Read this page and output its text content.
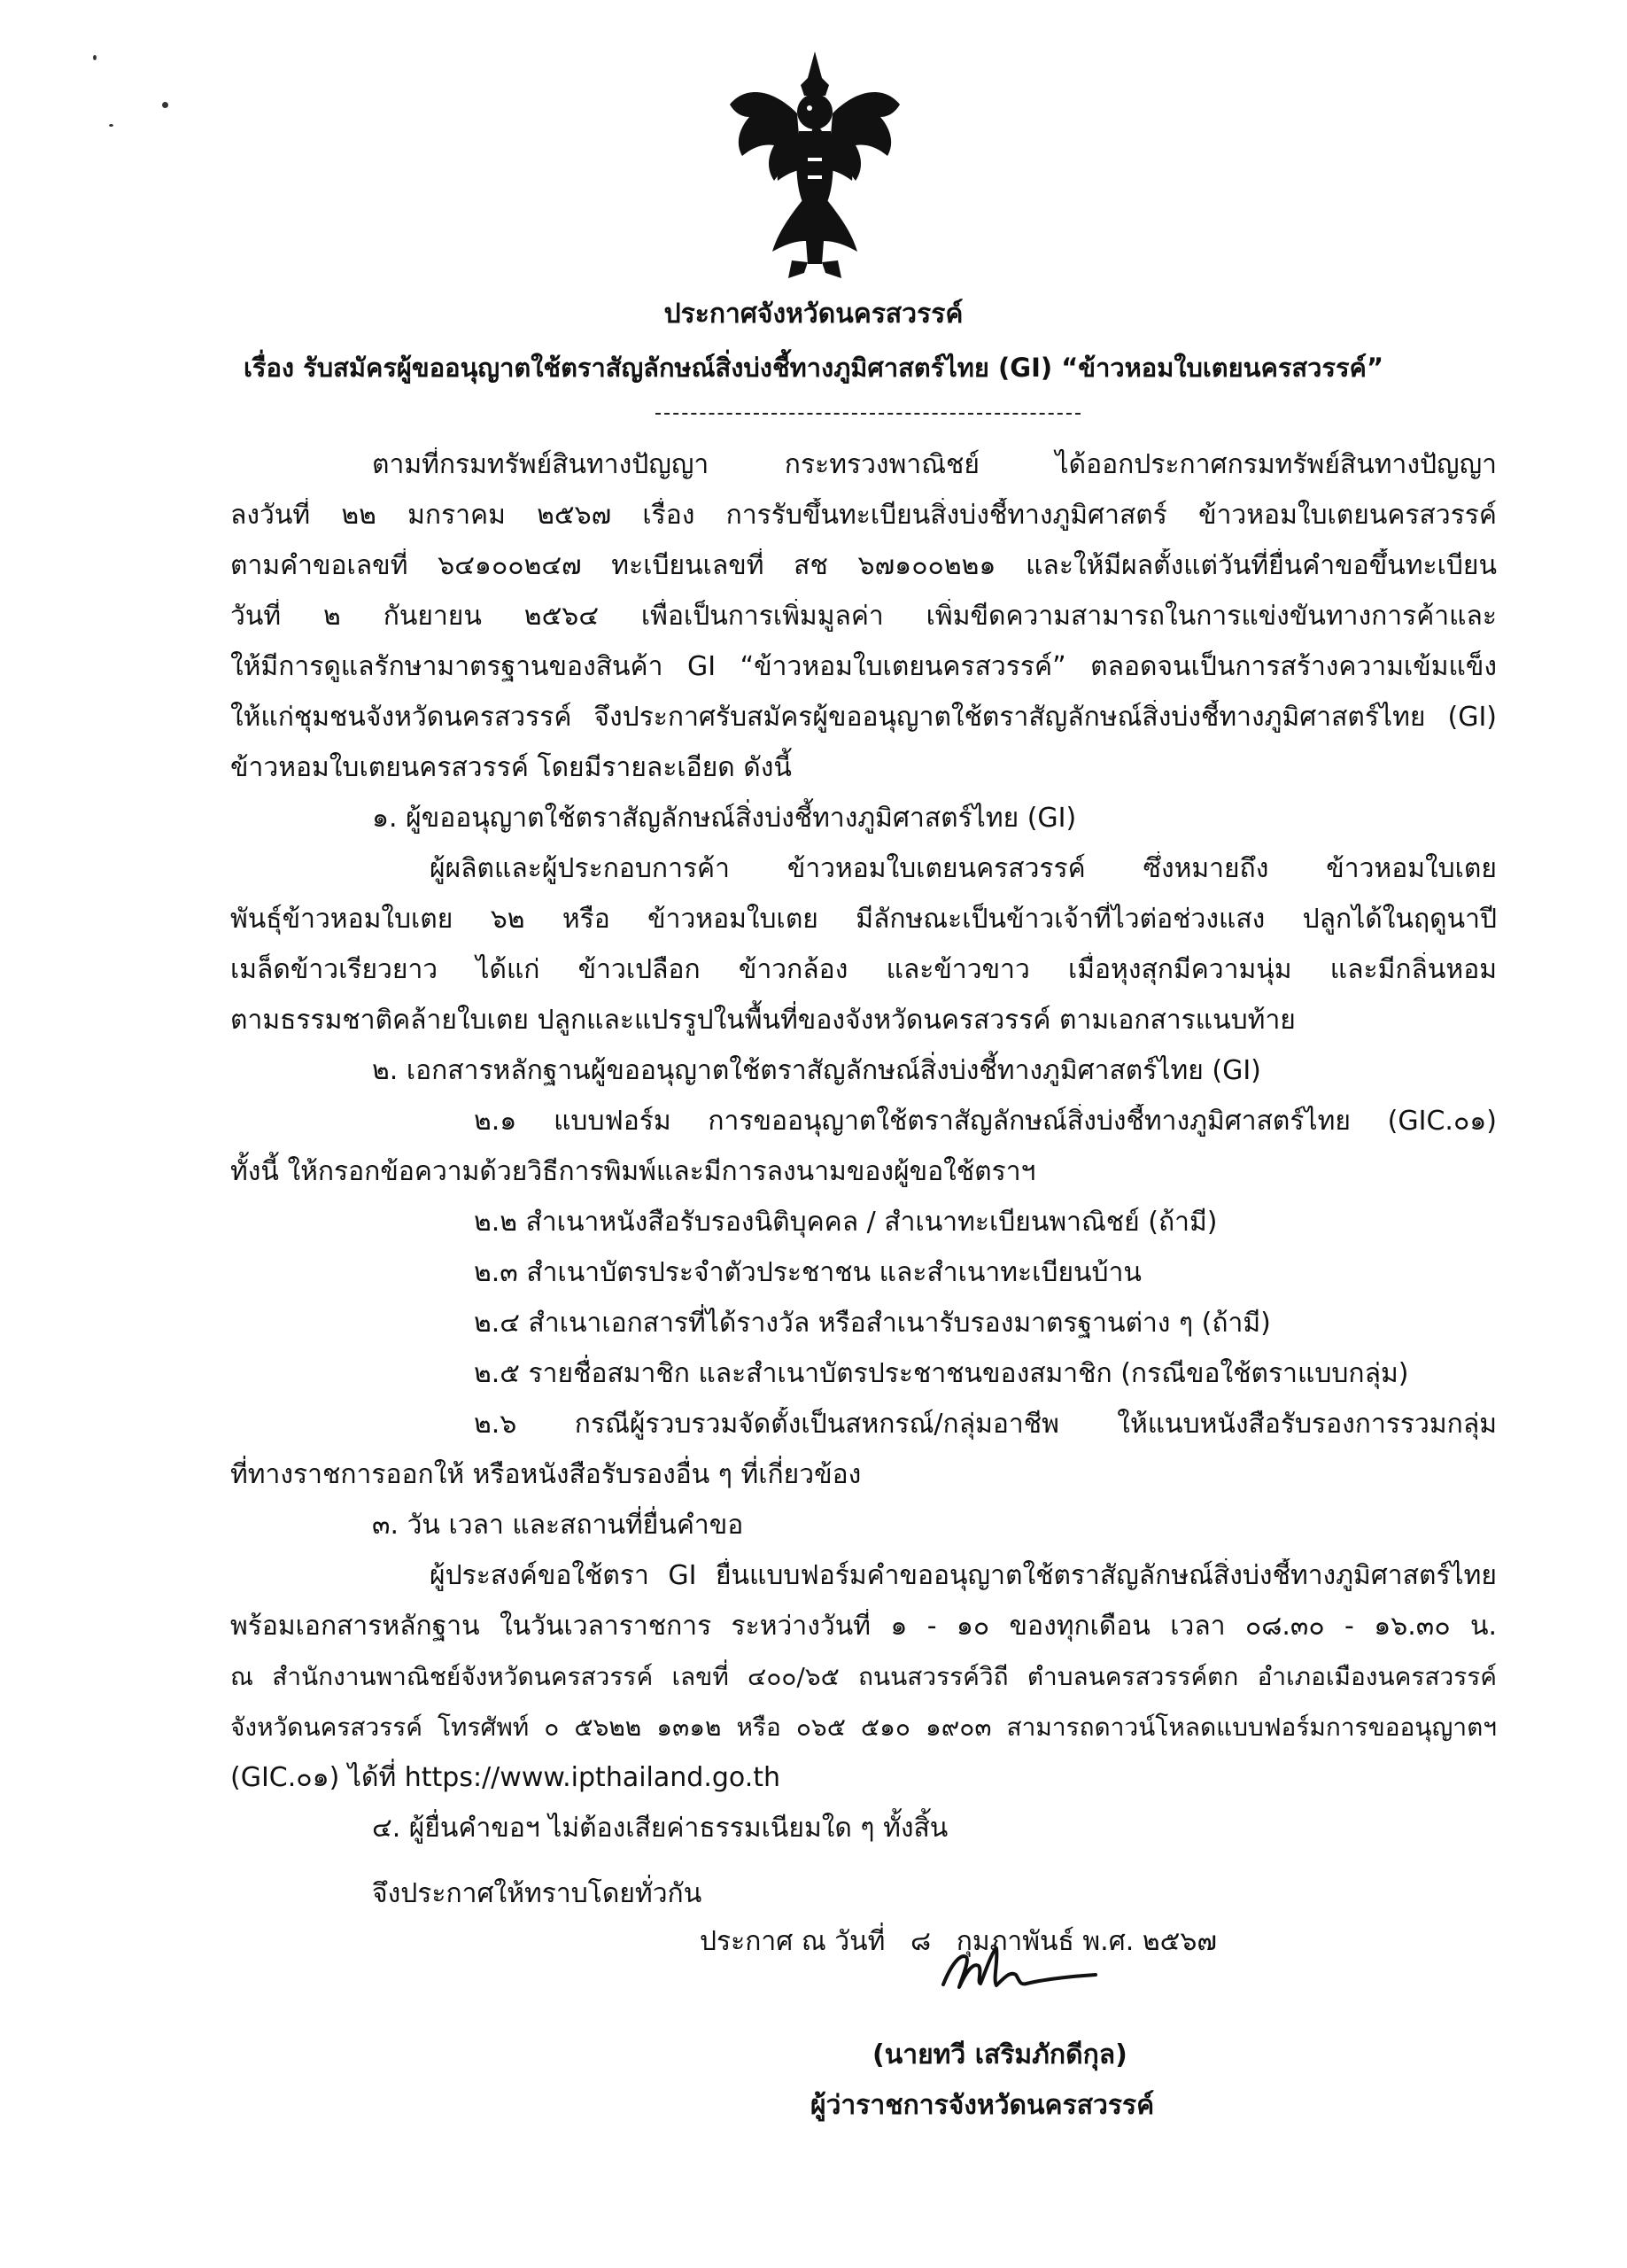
ประกาศจังหวัดนครสวรรค์
เรื่อง รับสมัครผู้ขออนุญาตใช้ตราสัญลักษณ์สิ่งบ่งชี้ทางภูมิศาสตร์ไทย (GI) “ข้าวหอมใบเตยนครสวรรค์”
ตามที่กรมทรัพย์สินทางปัญญา กระทรวงพาณิชย์ ได้ออกประกาศกรมทรัพย์สินทางปัญญา
ลงวันที่ ๒๒ มกราคม ๒๕๖๗ เรื่อง การรับขึ้นทะเบียนสิ่งบ่งชี้ทางภูมิศาสตร์ ข้าวหอมใบเตยนครสวรรค์
ตามคำขอเลขที่ ๖๔๑๐๐๒๔๗ ทะเบียนเลขที่ สช ๖๗๑๐๐๒๒๑ และให้มีผลตั้งแต่วันที่ยื่นคำขอขึ้นทะเบียน
วันที่ ๒ กันยายน ๒๕๖๔ เพื่อเป็นการเพิ่มมูลค่า เพิ่มขีดความสามารถในการแข่งขันทางการค้าและ
ให้มีการดูแลรักษามาตรฐานของสินค้า GI “ข้าวหอมใบเตยนครสวรรค์” ตลอดจนเป็นการสร้างความเข้มแข็ง
ให้แก่ชุมชนจังหวัดนครสวรรค์ จึงประกาศรับสมัครผู้ขออนุญาตใช้ตราสัญลักษณ์สิ่งบ่งชี้ทางภูมิศาสตร์ไทย (GI)
ข้าวหอมใบเตยนครสวรรค์ โดยมีรายละเอียด ดังนี้
๑. ผู้ขออนุญาตใช้ตราสัญลักษณ์สิ่งบ่งชี้ทางภูมิศาสตร์ไทย (GI)
ผู้ผลิตและผู้ประกอบการค้า ข้าวหอมใบเตยนครสวรรค์ ซึ่งหมายถึง ข้าวหอมใบเตย
พันธุ์ข้าวหอมใบเตย ๖๒ หรือ ข้าวหอมใบเตย มีลักษณะเป็นข้าวเจ้าที่ไวต่อช่วงแสง ปลูกได้ในฤดูนาปี
เมล็ดข้าวเรียวยาว ได้แก่ ข้าวเปลือก ข้าวกล้อง และข้าวขาว เมื่อหุงสุกมีความนุ่ม และมีกลิ่นหอม
ตามธรรมชาติคล้ายใบเตย ปลูกและแปรรูปในพื้นที่ของจังหวัดนครสวรรค์ ตามเอกสารแนบท้าย
๒. เอกสารหลักฐานผู้ขออนุญาตใช้ตราสัญลักษณ์สิ่งบ่งชี้ทางภูมิศาสตร์ไทย (GI)
๒.๑ แบบฟอร์ม การขออนุญาตใช้ตราสัญลักษณ์สิ่งบ่งชี้ทางภูมิศาสตร์ไทย (GIC.๐๑)
ทั้งนี้ ให้กรอกข้อความด้วยวิธีการพิมพ์และมีการลงนามของผู้ขอใช้ตราฯ
๒.๒ สำเนาหนังสือรับรองนิติบุคคล / สำเนาทะเบียนพาณิชย์ (ถ้ามี)
๒.๓ สำเนาบัตรประจำตัวประชาชน และสำเนาทะเบียนบ้าน
๒.๔ สำเนาเอกสารที่ได้รางวัล หรือสำเนารับรองมาตรฐานต่าง ๆ (ถ้ามี)
๒.๕ รายชื่อสมาชิก และสำเนาบัตรประชาชนของสมาชิก (กรณีขอใช้ตราแบบกลุ่ม)
๒.๖ กรณีผู้รวบรวมจัดตั้งเป็นสหกรณ์/กลุ่มอาชีพ ให้แนบหนังสือรับรองการรวมกลุ่ม
ที่ทางราชการออกให้ หรือหนังสือรับรองอื่น ๆ ที่เกี่ยวข้อง
๓. วัน เวลา และสถานที่ยื่นคำขอ
ผู้ประสงค์ขอใช้ตรา GI ยื่นแบบฟอร์มคำขออนุญาตใช้ตราสัญลักษณ์สิ่งบ่งชี้ทางภูมิศาสตร์ไทย
พร้อมเอกสารหลักฐาน ในวันเวลาราชการ ระหว่างวันที่ ๑ - ๑๐ ของทุกเดือน เวลา ๐๘.๓๐ - ๑๖.๓๐ น.
ณ สำนักงานพาณิชย์จังหวัดนครสวรรค์ เลขที่ ๔๐๐/๖๕ ถนนสวรรค์วิถี ตำบลนครสวรรค์ตก อำเภอเมืองนครสวรรค์
จังหวัดนครสวรรค์ โทรศัพท์ ๐ ๕๖๒๒ ๑๓๑๒ หรือ ๐๖๕ ๕๑๐ ๑๙๐๓ สามารถดาวน์โหลดแบบฟอร์มการขออนุญาตฯ
(GIC.๐๑) ได้ที่ https://www.ipthailand.go.th
๔. ผู้ยื่นคำขอฯ ไม่ต้องเสียค่าธรรมเนียมใด ๆ ทั้งสิ้น
จึงประกาศให้ทราบโดยทั่วกัน
ประกาศ ณ วันที่   ๘   กุมภาพันธ์ พ.ศ. ๒๕๖๗
(นายทวี เสริมภักดีกุล)
ผู้ว่าราชการจังหวัดนครสวรรค์
